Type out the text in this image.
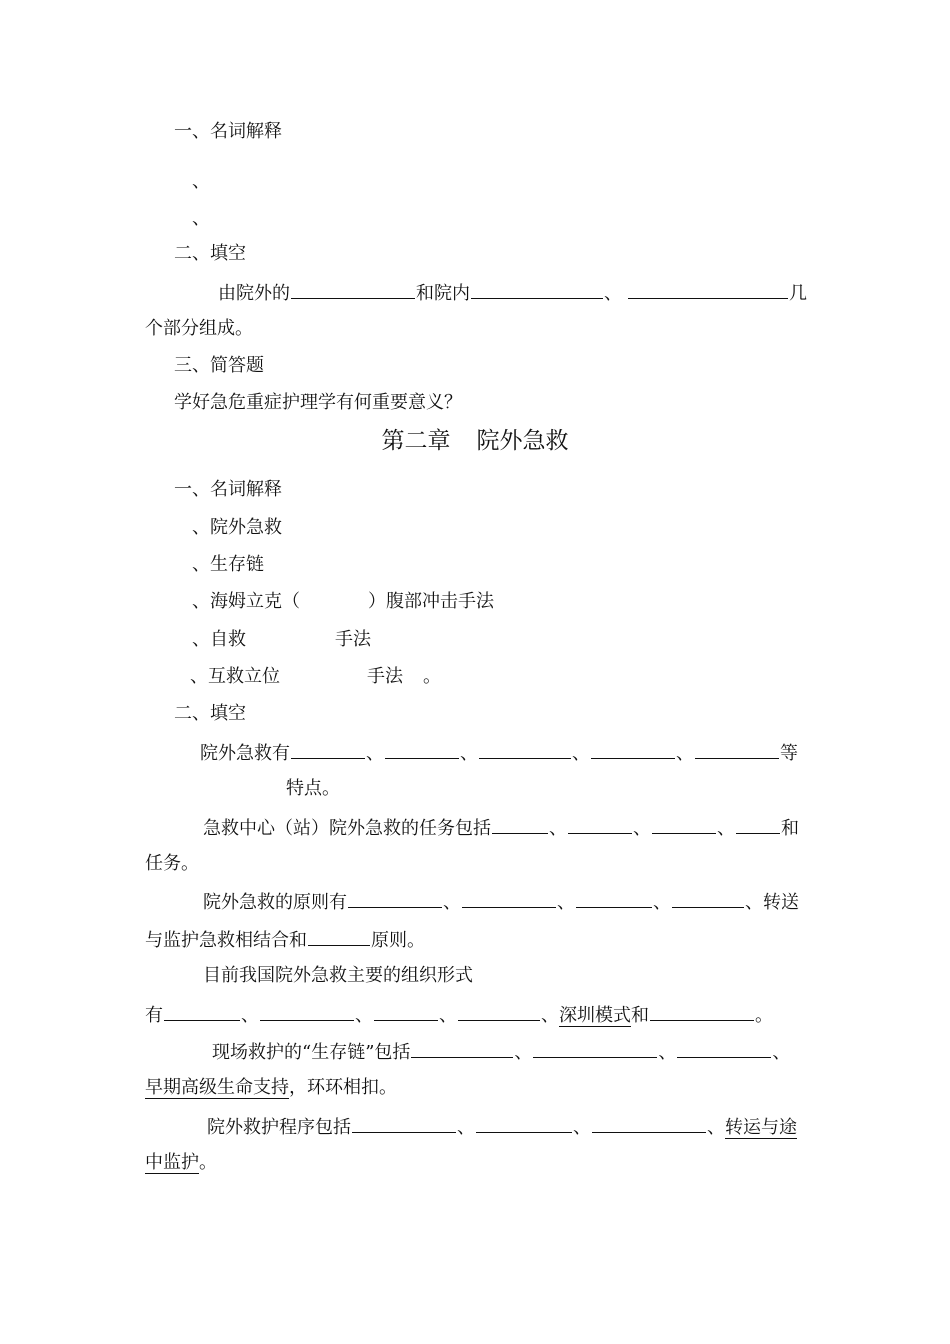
一、名词解释
、
、
二、填空
由院外的	和院内	、	几
个部分组成。
三、简答题
学好急危重症护理学有何重要意义？
第二章 院外急救
一、名词解释
、院外急救
、生存链
、海姆立克（	）腹部冲击手法
、自救	手法
、互救立位	手法 。
二、填空
院外急救有	、	、	、	、	等
特点。
急救中心（站）院外急救的任务包括	、	、	、	和
任务。
院外急救的原则有	、	、	、	、转送
与监护急救相结合和	原则。
目前我国院外急救主要的组织形式
有	、	、	、	、深圳模式和	。
现场救护的“生存链”包括	、	、	、
早期高级生命支持，环环相扣。
院外救护程序包括	、	、	、转运与途
中监护。
